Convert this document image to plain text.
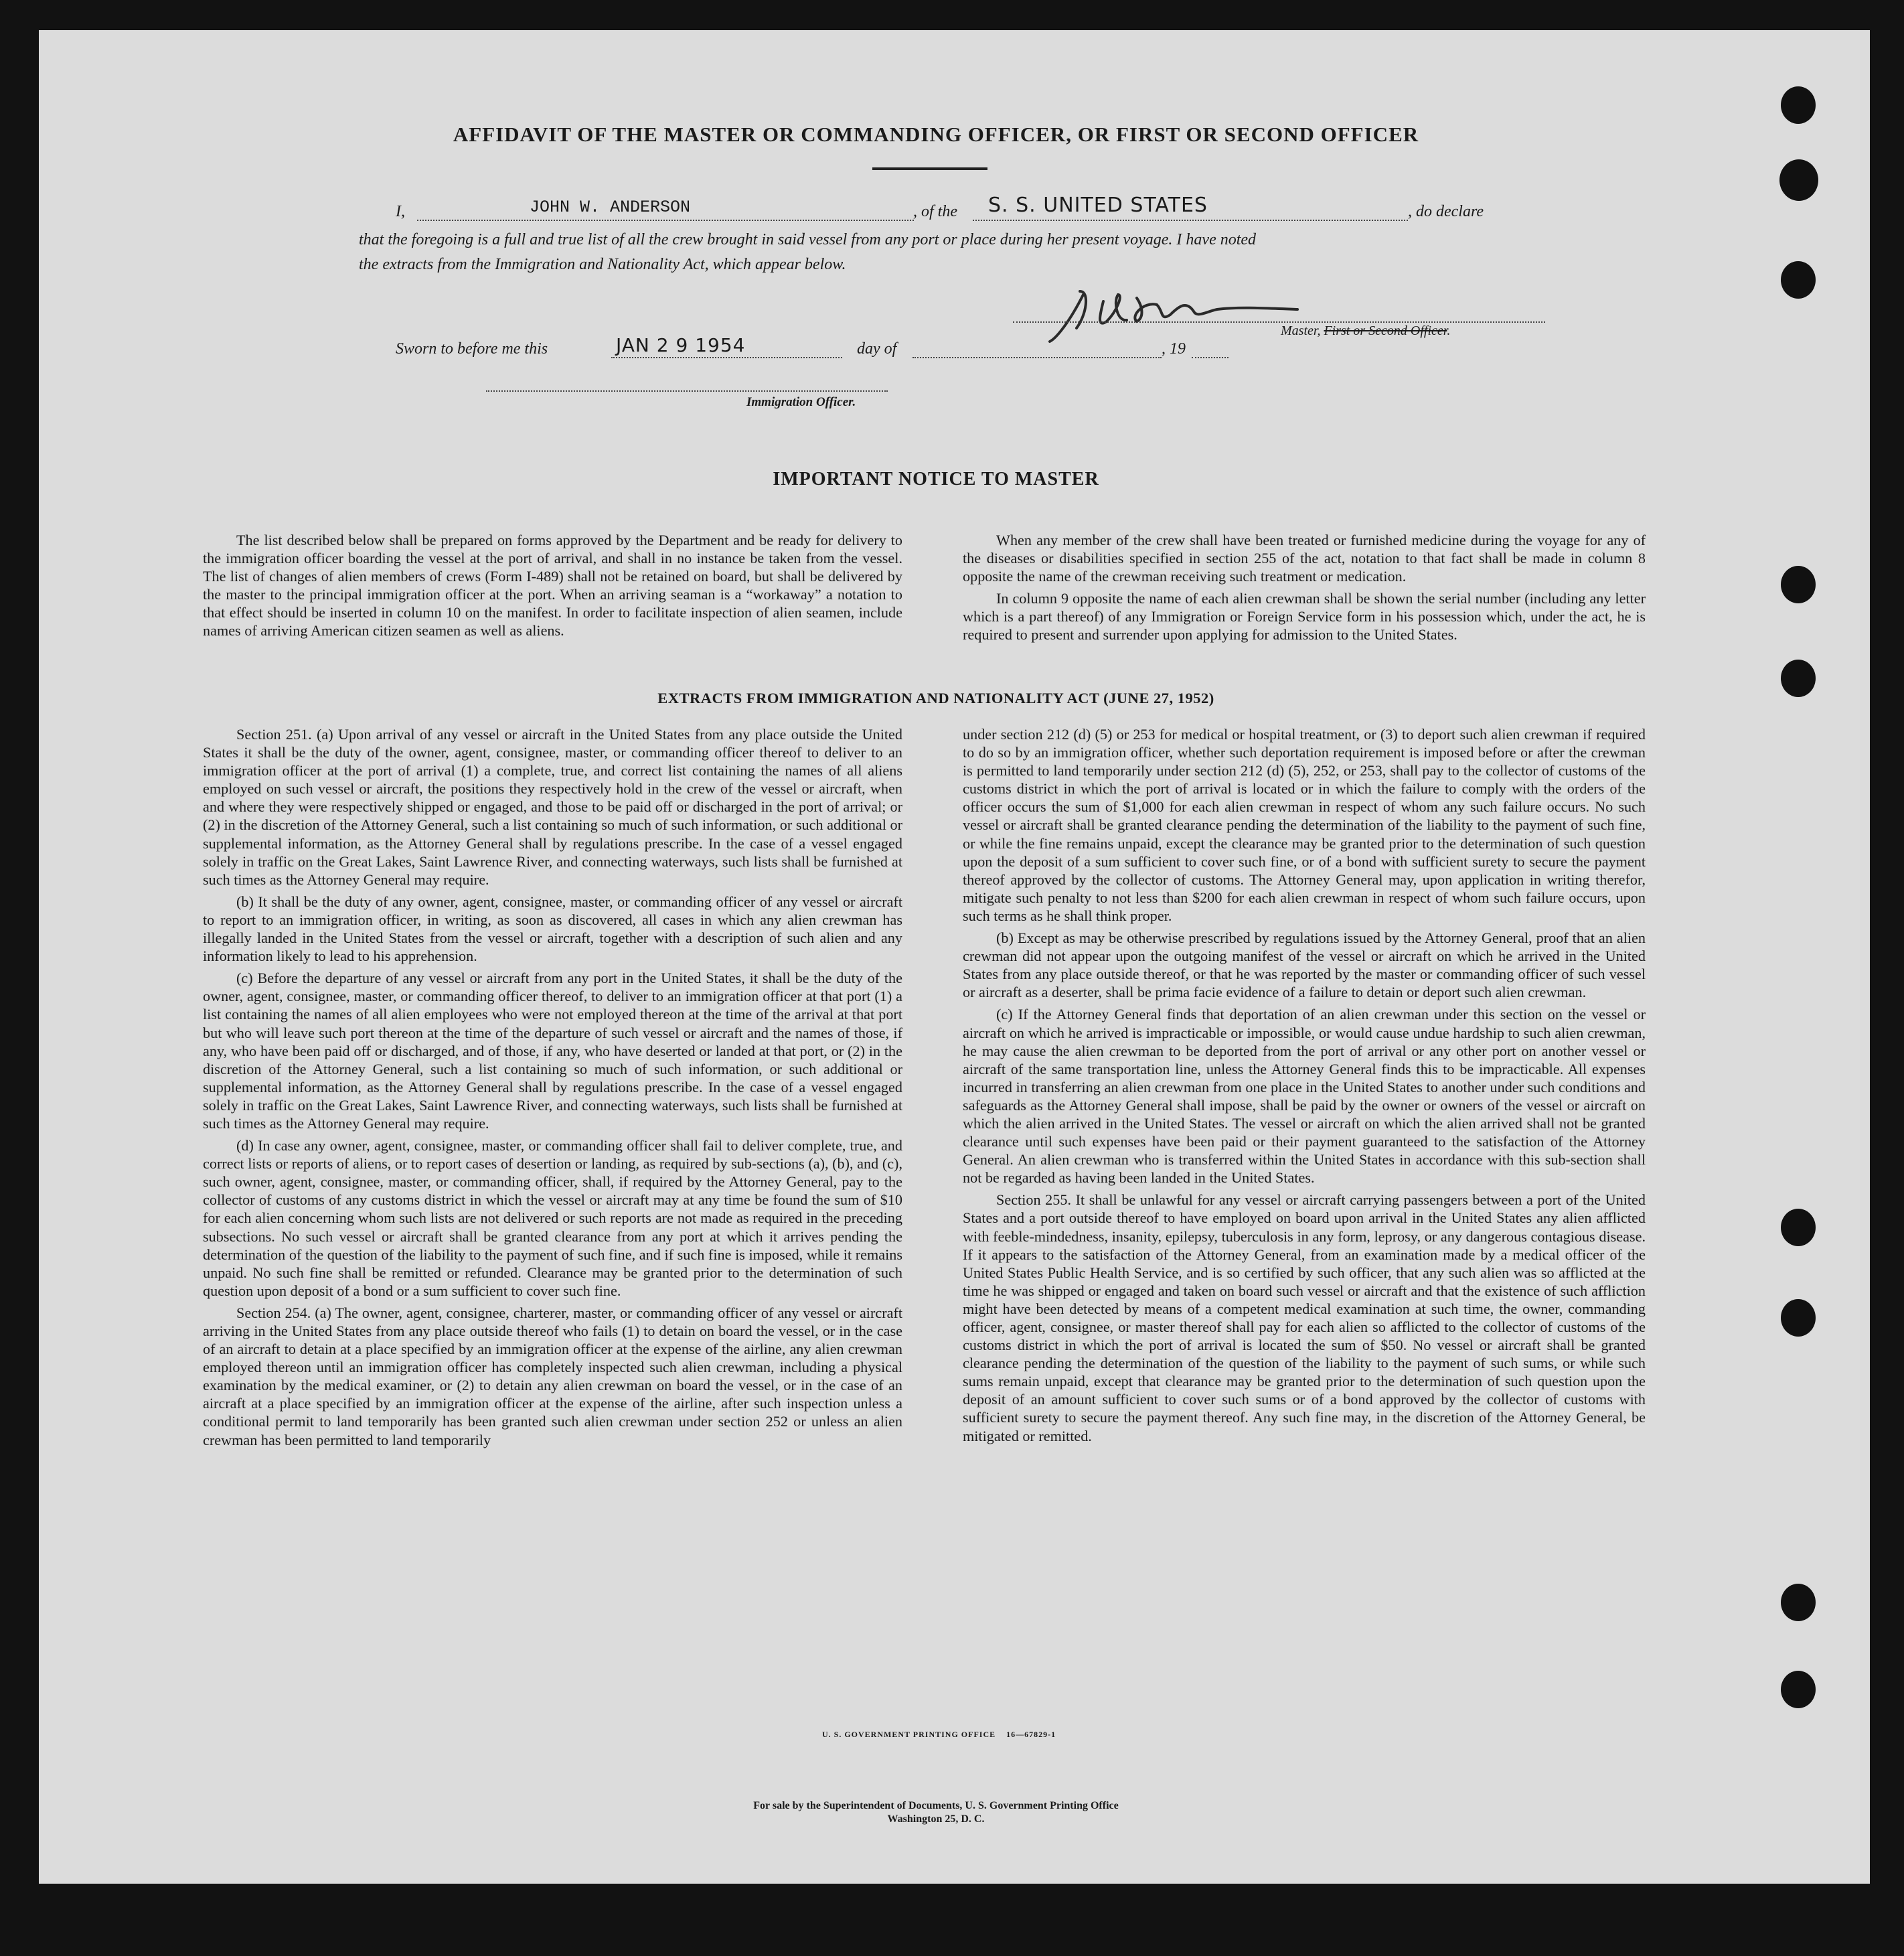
AFFIDAVIT OF THE MASTER OR COMMANDING OFFICER, OR FIRST OR SECOND OFFICER
I,	JOHN W. ANDERSON	, of the S. S. UNITED STATES	, do declare
that the foregoing is a full and true list of all the crew brought in said vessel from any port or place during her present voyage. I have noted
the extracts from the Immigration and Nationality Act, which appear below.
Master, First or Second Officer.
Sworn to before me this	JAN 2 9 1954	day of	, 19
Immigration Officer.
IMPORTANT NOTICE TO MASTER

The list described below shall be prepared on forms approved by the Department and be ready for delivery to the immigration officer boarding the vessel at the port of arrival, and shall in no instance be taken from the vessel. The list of changes of alien members of crews (Form I-489) shall not be retained on board, but shall be delivered by the master to the principal immigration officer at the port. When an arriving seaman is a “workaway” a notation to that effect should be inserted in column 10 on the manifest. In order to facilitate inspection of alien seamen, include names of arriving American citizen seamen as well as aliens.

When any member of the crew shall have been treated or furnished medicine during the voyage for any of the diseases or disabilities specified in section 255 of the act, notation to that fact shall be made in column 8 opposite the name of the crewman receiving such treatment or medication.

In column 9 opposite the name of each alien crewman shall be shown the serial number (including any letter which is a part thereof) of any Immigration or Foreign Service form in his possession which, under the act, he is required to present and surrender upon applying for admission to the United States.

EXTRACTS FROM IMMIGRATION AND NATIONALITY ACT (JUNE 27, 1952)

Section 251. (a) Upon arrival of any vessel or aircraft in the United States from any place outside the United States it shall be the duty of the owner, agent, consignee, master, or commanding officer thereof to deliver to an immigration officer at the port of arrival (1) a complete, true, and correct list containing the names of all aliens employed on such vessel or aircraft, the positions they respectively hold in the crew of the vessel or aircraft, when and where they were respectively shipped or engaged, and those to be paid off or discharged in the port of arrival; or (2) in the discretion of the Attorney General, such a list containing so much of such information, or such additional or supplemental information, as the Attorney General shall by regulations prescribe. In the case of a vessel engaged solely in traffic on the Great Lakes, Saint Lawrence River, and connecting waterways, such lists shall be furnished at such times as the Attorney General may require.

(b) It shall be the duty of any owner, agent, consignee, master, or commanding officer of any vessel or aircraft to report to an immigration officer, in writing, as soon as discovered, all cases in which any alien crewman has illegally landed in the United States from the vessel or aircraft, together with a description of such alien and any information likely to lead to his apprehension.

(c) Before the departure of any vessel or aircraft from any port in the United States, it shall be the duty of the owner, agent, consignee, master, or commanding officer thereof, to deliver to an immigration officer at that port (1) a list containing the names of all alien employees who were not employed thereon at the time of the arrival at that port but who will leave such port thereon at the time of the departure of such vessel or aircraft and the names of those, if any, who have been paid off or discharged, and of those, if any, who have deserted or landed at that port, or (2) in the discretion of the Attorney General, such a list containing so much of such information, or such additional or supplemental information, as the Attorney General shall by regulations prescribe. In the case of a vessel engaged solely in traffic on the Great Lakes, Saint Lawrence River, and connecting waterways, such lists shall be furnished at such times as the Attorney General may require.

(d) In case any owner, agent, consignee, master, or commanding officer shall fail to deliver complete, true, and correct lists or reports of aliens, or to report cases of desertion or landing, as required by sub-sections (a), (b), and (c), such owner, agent, consignee, master, or commanding officer, shall, if required by the Attorney General, pay to the collector of customs of any customs district in which the vessel or aircraft may at any time be found the sum of $10 for each alien concerning whom such lists are not delivered or such reports are not made as required in the preceding subsections. No such vessel or aircraft shall be granted clearance from any port at which it arrives pending the determination of the question of the liability to the payment of such fine, and if such fine is imposed, while it remains unpaid. No such fine shall be remitted or refunded. Clearance may be granted prior to the determination of such question upon deposit of a bond or a sum sufficient to cover such fine.

Section 254. (a) The owner, agent, consignee, charterer, master, or commanding officer of any vessel or aircraft arriving in the United States from any place outside thereof who fails (1) to detain on board the vessel, or in the case of an aircraft to detain at a place specified by an immigration officer at the expense of the airline, any alien crewman employed thereon until an immigration officer has completely inspected such alien crewman, including a physical examination by the medical examiner, or (2) to detain any alien crewman on board the vessel, or in the case of an aircraft at a place specified by an immigration officer at the expense of the airline, after such inspection unless a conditional permit to land temporarily has been granted such alien crewman under section 252 or unless an alien crewman has been permitted to land temporarily

under section 212 (d) (5) or 253 for medical or hospital treatment, or (3) to deport such alien crewman if required to do so by an immigration officer, whether such deportation requirement is imposed before or after the crewman is permitted to land temporarily under section 212 (d) (5), 252, or 253, shall pay to the collector of customs of the customs district in which the port of arrival is located or in which the failure to comply with the orders of the officer occurs the sum of $1,000 for each alien crewman in respect of whom any such failure occurs. No such vessel or aircraft shall be granted clearance pending the determination of the liability to the payment of such fine, or while the fine remains unpaid, except the clearance may be granted prior to the determination of such question upon the deposit of a sum sufficient to cover such fine, or of a bond with sufficient surety to secure the payment thereof approved by the collector of customs. The Attorney General may, upon application in writing therefor, mitigate such penalty to not less than $200 for each alien crewman in respect of whom such failure occurs, upon such terms as he shall think proper.

(b) Except as may be otherwise prescribed by regulations issued by the Attorney General, proof that an alien crewman did not appear upon the outgoing manifest of the vessel or aircraft on which he arrived in the United States from any place outside thereof, or that he was reported by the master or commanding officer of such vessel or aircraft as a deserter, shall be prima facie evidence of a failure to detain or deport such alien crewman.

(c) If the Attorney General finds that deportation of an alien crewman under this section on the vessel or aircraft on which he arrived is impracticable or impossible, or would cause undue hardship to such alien crewman, he may cause the alien crewman to be deported from the port of arrival or any other port on another vessel or aircraft of the same transportation line, unless the Attorney General finds this to be impracticable. All expenses incurred in transferring an alien crewman from one place in the United States to another under such conditions and safeguards as the Attorney General shall impose, shall be paid by the owner or owners of the vessel or aircraft on which the alien arrived in the United States. The vessel or aircraft on which the alien arrived shall not be granted clearance until such expenses have been paid or their payment guaranteed to the satisfaction of the Attorney General. An alien crewman who is transferred within the United States in accordance with this sub-section shall not be regarded as having been landed in the United States.

Section 255. It shall be unlawful for any vessel or aircraft carrying passengers between a port of the United States and a port outside thereof to have employed on board upon arrival in the United States any alien afflicted with feeble-mindedness, insanity, epilepsy, tuberculosis in any form, leprosy, or any dangerous contagious disease. If it appears to the satisfaction of the Attorney General, from an examination made by a medical officer of the United States Public Health Service, and is so certified by such officer, that any such alien was so afflicted at the time he was shipped or engaged and taken on board such vessel or aircraft and that the existence of such affliction might have been detected by means of a competent medical examination at such time, the owner, commanding officer, agent, consignee, or master thereof shall pay for each alien so afflicted to the collector of customs of the customs district in which the port of arrival is located the sum of $50. No vessel or aircraft shall be granted clearance pending the determination of the question of the liability to the payment of such sums, or while such sums remain unpaid, except that clearance may be granted prior to the determination of such question upon the deposit of an amount sufficient to cover such sums or of a bond approved by the collector of customs with sufficient surety to secure the payment thereof. Any such fine may, in the discretion of the Attorney General, be mitigated or remitted.

U. S. GOVERNMENT PRINTING OFFICE    16—67829-1
For sale by the Superintendent of Documents, U. S. Government Printing Office
Washington 25, D. C.
